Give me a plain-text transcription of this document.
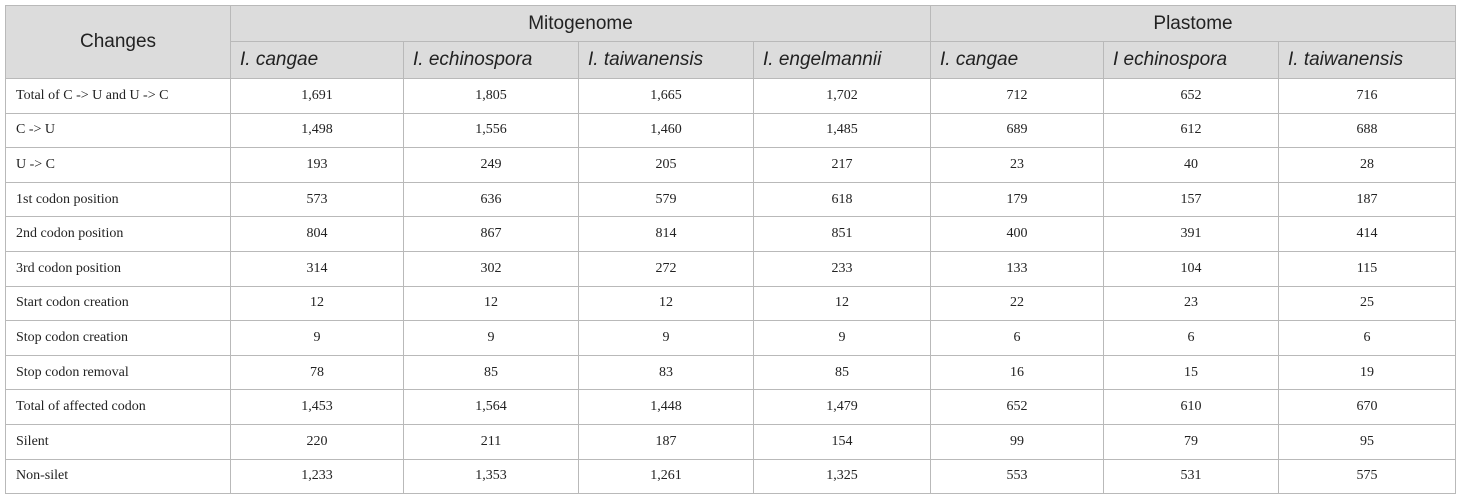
Changes	Mitogenome				Plastome		
	I. cangae	I. echinospora	I. taiwanensis	I. engelmannii	I. cangae	I echinospora	I. taiwanensis
Total of C -> U and U -> C	1,691	1,805	1,665	1,702	712	652	716
C -> U	1,498	1,556	1,460	1,485	689	612	688
U -> C	193	249	205	217	23	40	28
1st codon position	573	636	579	618	179	157	187
2nd codon position	804	867	814	851	400	391	414
3rd codon position	314	302	272	233	133	104	115
Start codon creation	12	12	12	12	22	23	25
Stop codon creation	9	9	9	9	6	6	6
Stop codon removal	78	85	83	85	16	15	19
Total of affected codon	1,453	1,564	1,448	1,479	652	610	670
Silent	220	211	187	154	99	79	95
Non-silet	1,233	1,353	1,261	1,325	553	531	575
